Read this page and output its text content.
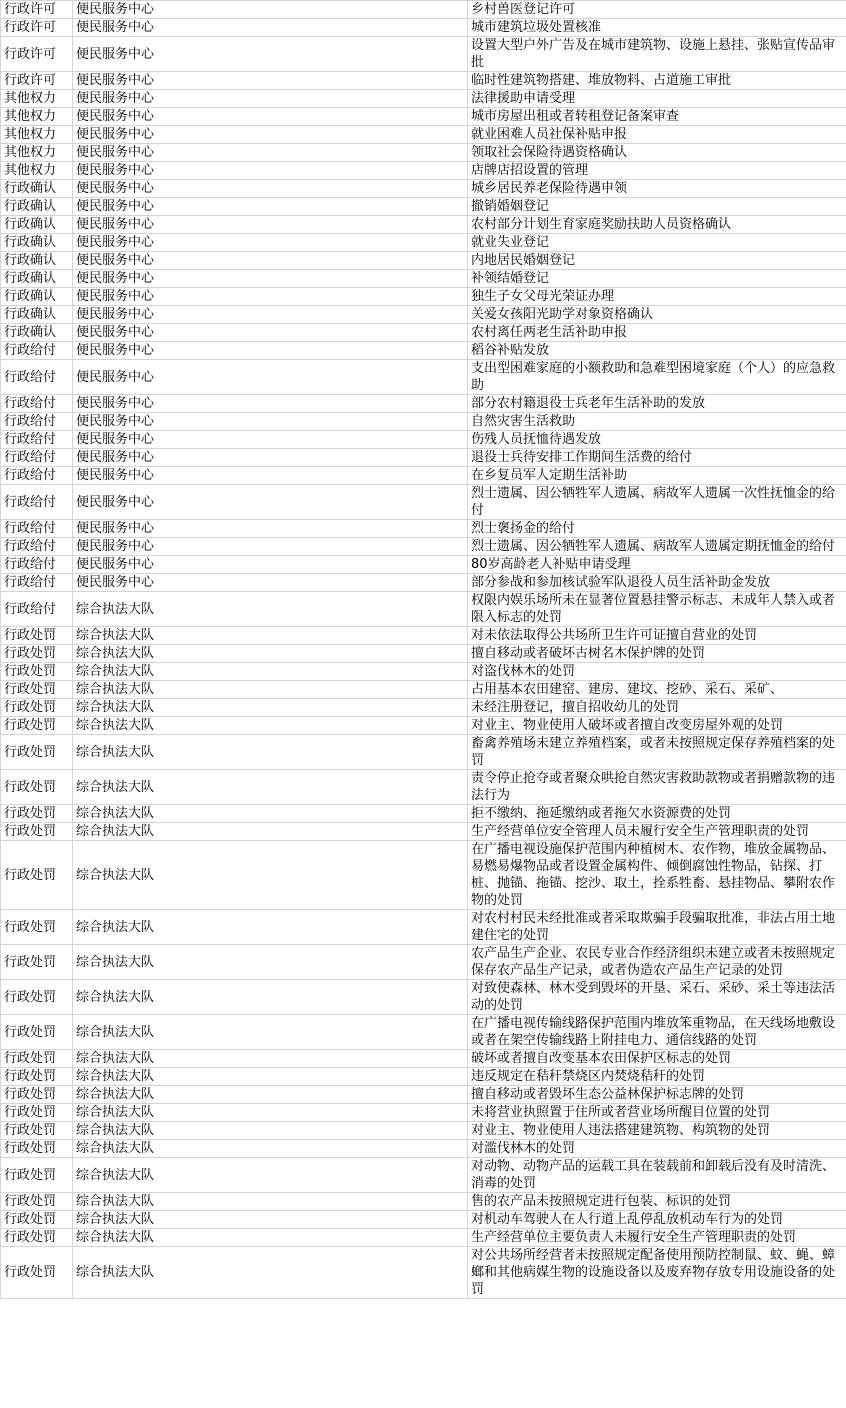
行政许可	便民服务中心	乡村兽医登记许可
行政许可	便民服务中心	城市建筑垃圾处置核准
行政许可	便民服务中心	设置大型户外广告及在城市建筑物、设施上悬挂、张贴宣传品审批
行政许可	便民服务中心	临时性建筑物搭建、堆放物料、占道施工审批
其他权力	便民服务中心	法律援助申请受理
其他权力	便民服务中心	城市房屋出租或者转租登记备案审查
其他权力	便民服务中心	就业困难人员社保补贴申报
其他权力	便民服务中心	领取社会保险待遇资格确认
其他权力	便民服务中心	店牌店招设置的管理
行政确认	便民服务中心	城乡居民养老保险待遇申领
行政确认	便民服务中心	撤销婚姻登记
行政确认	便民服务中心	农村部分计划生育家庭奖励扶助人员资格确认
行政确认	便民服务中心	就业失业登记
行政确认	便民服务中心	内地居民婚姻登记
行政确认	便民服务中心	补领结婚登记
行政确认	便民服务中心	独生子女父母光荣证办理
行政确认	便民服务中心	关爱女孩阳光助学对象资格确认
行政确认	便民服务中心	农村离任两老生活补助申报
行政给付	便民服务中心	稻谷补贴发放
行政给付	便民服务中心	支出型困难家庭的小额救助和急难型困境家庭（个人）的应急救助
行政给付	便民服务中心	部分农村籍退役士兵老年生活补助的发放
行政给付	便民服务中心	自然灾害生活救助
行政给付	便民服务中心	伤残人员抚恤待遇发放
行政给付	便民服务中心	退役士兵待安排工作期间生活费的给付
行政给付	便民服务中心	在乡复员军人定期生活补助
行政给付	便民服务中心	烈士遗属、因公牺牲军人遗属、病故军人遗属一次性抚恤金的给付
行政给付	便民服务中心	烈士褒扬金的给付
行政给付	便民服务中心	烈士遗属、因公牺牲军人遗属、病故军人遗属定期抚恤金的给付
行政给付	便民服务中心	80岁高龄老人补贴申请受理
行政给付	便民服务中心	部分参战和参加核试验军队退役人员生活补助金发放
行政给付	综合执法大队	权限内娱乐场所未在显著位置悬挂警示标志、未成年人禁入或者限入标志的处罚
行政处罚	综合执法大队	对未依法取得公共场所卫生许可证擅自营业的处罚
行政处罚	综合执法大队	擅自移动或者破坏古树名木保护牌的处罚
行政处罚	综合执法大队	对盗伐林木的处罚
行政处罚	综合执法大队	占用基本农田建窑、建房、建坟、挖砂、采石、采矿、
行政处罚	综合执法大队	未经注册登记，擅自招收幼儿的处罚
行政处罚	综合执法大队	对业主、物业使用人破坏或者擅自改变房屋外观的处罚
行政处罚	综合执法大队	畜禽养殖场未建立养殖档案，或者未按照规定保存养殖档案的处罚
行政处罚	综合执法大队	责令停止抢夺或者聚众哄抢自然灾害救助款物或者捐赠款物的违法行为
行政处罚	综合执法大队	拒不缴纳、拖延缴纳或者拖欠水资源费的处罚
行政处罚	综合执法大队	生产经营单位安全管理人员未履行安全生产管理职责的处罚
行政处罚	综合执法大队	在广播电视设施保护范围内种植树木、农作物，堆放金属物品、易燃易爆物品或者设置金属构件、倾倒腐蚀性物品，钻探、打桩、抛锚、拖锚、挖沙、取土，拴系牲畜、悬挂物品、攀附农作物的处罚
行政处罚	综合执法大队	对农村村民未经批准或者采取欺骗手段骗取批准，非法占用土地建住宅的处罚
行政处罚	综合执法大队	农产品生产企业、农民专业合作经济组织未建立或者未按照规定保存农产品生产记录，或者伪造农产品生产记录的处罚
行政处罚	综合执法大队	对致使森林、林木受到毁坏的开垦、采石、采砂、采土等违法活动的处罚
行政处罚	综合执法大队	在广播电视传输线路保护范围内堆放笨重物品，在天线场地敷设或者在架空传输线路上附挂电力、通信线路的处罚
行政处罚	综合执法大队	破坏或者擅自改变基本农田保护区标志的处罚
行政处罚	综合执法大队	违反规定在秸秆禁烧区内焚烧秸秆的处罚
行政处罚	综合执法大队	擅自移动或者毁坏生态公益林保护标志牌的处罚
行政处罚	综合执法大队	未将营业执照置于住所或者营业场所醒目位置的处罚
行政处罚	综合执法大队	对业主、物业使用人违法搭建建筑物、构筑物的处罚
行政处罚	综合执法大队	对滥伐林木的处罚
行政处罚	综合执法大队	对动物、动物产品的运载工具在装载前和卸载后没有及时清洗、消毒的处罚
行政处罚	综合执法大队	售的农产品未按照规定进行包装、标识的处罚
行政处罚	综合执法大队	对机动车驾驶人在人行道上乱停乱放机动车行为的处罚
行政处罚	综合执法大队	生产经营单位主要负责人未履行安全生产管理职责的处罚
行政处罚	综合执法大队	对公共场所经营者未按照规定配备使用预防控制鼠、蚊、蝇、蟑螂和其他病媒生物的设施设备以及废弃物存放专用设施设备的处罚
